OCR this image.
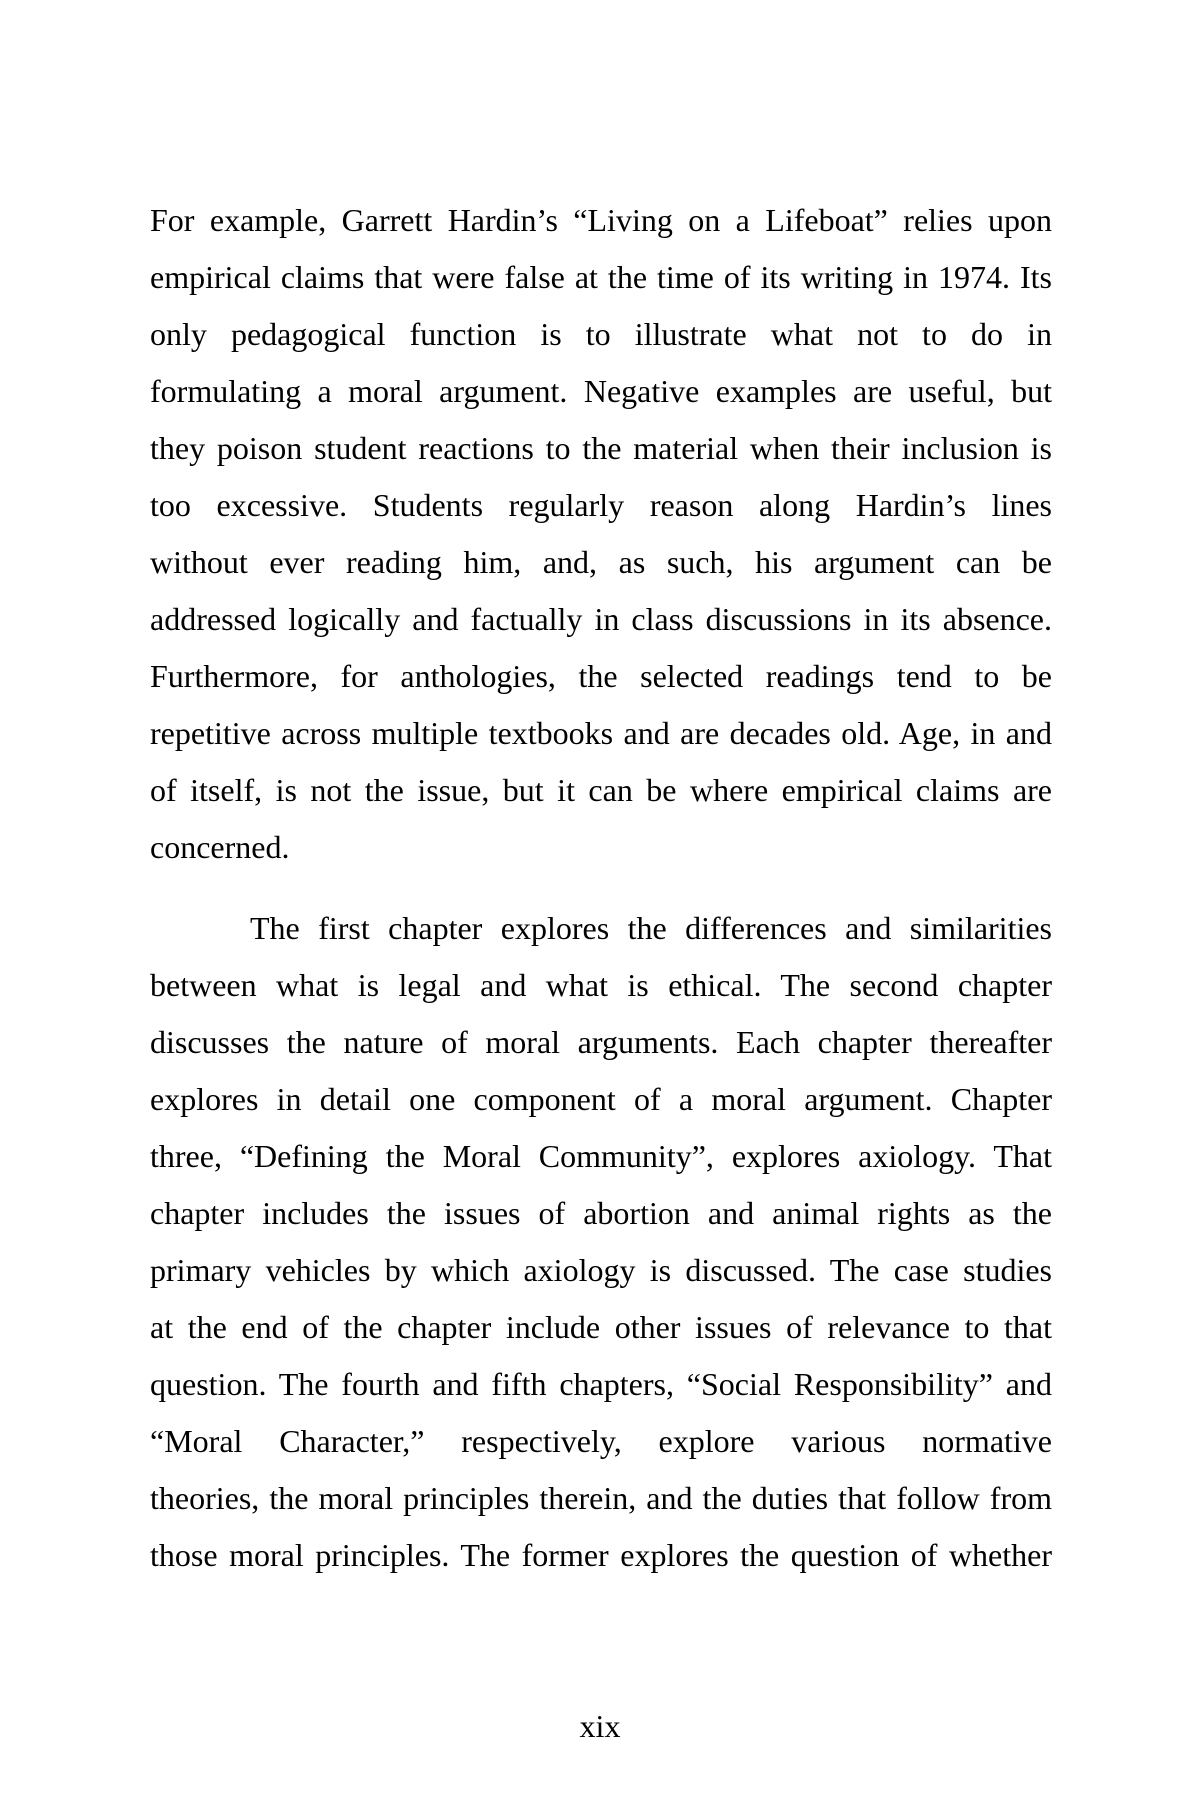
For example, Garrett Hardin’s “Living on a Lifeboat” relies upon
empirical claims that were false at the time of its writing in 1974. Its
only pedagogical function is to illustrate what not to do in
formulating a moral argument. Negative examples are useful, but
they poison student reactions to the material when their inclusion is
too excessive. Students regularly reason along Hardin’s lines
without ever reading him, and, as such, his argument can be
addressed logically and factually in class discussions in its absence.
Furthermore, for anthologies, the selected readings tend to be
repetitive across multiple textbooks and are decades old. Age, in and
of itself, is not the issue, but it can be where empirical claims are
concerned.
The first chapter explores the differences and similarities
between what is legal and what is ethical. The second chapter
discusses the nature of moral arguments. Each chapter thereafter
explores in detail one component of a moral argument. Chapter
three, “Defining the Moral Community”, explores axiology. That
chapter includes the issues of abortion and animal rights as the
primary vehicles by which axiology is discussed. The case studies
at the end of the chapter include other issues of relevance to that
question. The fourth and fifth chapters, “Social Responsibility” and
“Moral Character,” respectively, explore various normative
theories, the moral principles therein, and the duties that follow from
those moral principles. The former explores the question of whether
xix
